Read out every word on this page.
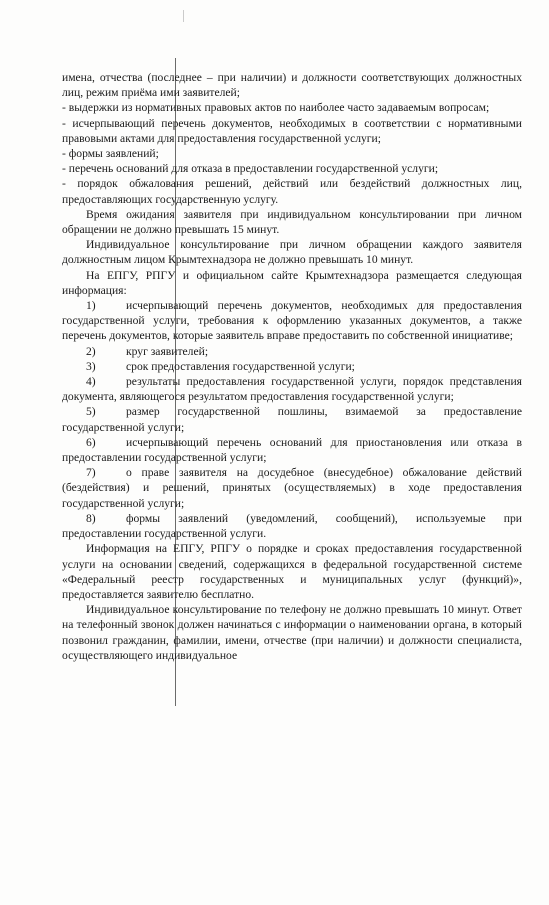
имена, отчества (последнее – при наличии) и должности соответствующих должностных лиц, режим приёма ими заявителей;

- выдержки из нормативных правовых актов по наиболее часто задаваемым вопросам;

- исчерпывающий перечень документов, необходимых в соответствии с нормативными правовыми актами для предоставления государственной услуги;

- формы заявлений;

- перечень оснований для отказа в предоставлении государственной услуги;

- порядок обжалования решений, действий или бездействий должностных лиц, предоставляющих государственную услугу.

Время ожидания заявителя при индивидуальном консультировании при личном обращении не должно превышать 15 минут.

Индивидуальное консультирование при личном обращении каждого заявителя должностным лицом Крымтехнадзора не должно превышать 10 минут.

На ЕПГУ, РПГУ и официальном сайте Крымтехнадзора размещается следующая информация:

1)	исчерпывающий перечень документов, необходимых для предоставления государственной услуги, требования к оформлению указанных документов, а также перечень документов, которые заявитель вправе предоставить по собственной инициативе;

2)	круг заявителей;

3)	срок предоставления государственной услуги;

4)	результаты предоставления государственной услуги, порядок представления документа, являющегося результатом предоставления государственной услуги;

5)	размер государственной пошлины, взимаемой за предоставление государственной услуги;

6)	исчерпывающий перечень оснований для приостановления или отказа в предоставлении государственной услуги;

7)	о праве заявителя на досудебное (внесудебное) обжалование действий (бездействия) и решений, принятых (осуществляемых) в ходе предоставления государственной услуги;

8)	формы заявлений (уведомлений, сообщений), используемые при предоставлении государственной услуги.

Информация на ЕПГУ, РПГУ о порядке и сроках предоставления государственной услуги на основании сведений, содержащихся в федеральной государственной системе «Федеральный реестр государственных и муниципальных услуг (функций)», предоставляется заявителю бесплатно.

Индивидуальное консультирование по телефону не должно превышать 10 минут. Ответ на телефонный звонок должен начинаться с информации о наименовании органа, в который позвонил гражданин, фамилии, имени, отчестве (при наличии) и должности специалиста, осуществляющего индивидуальное
